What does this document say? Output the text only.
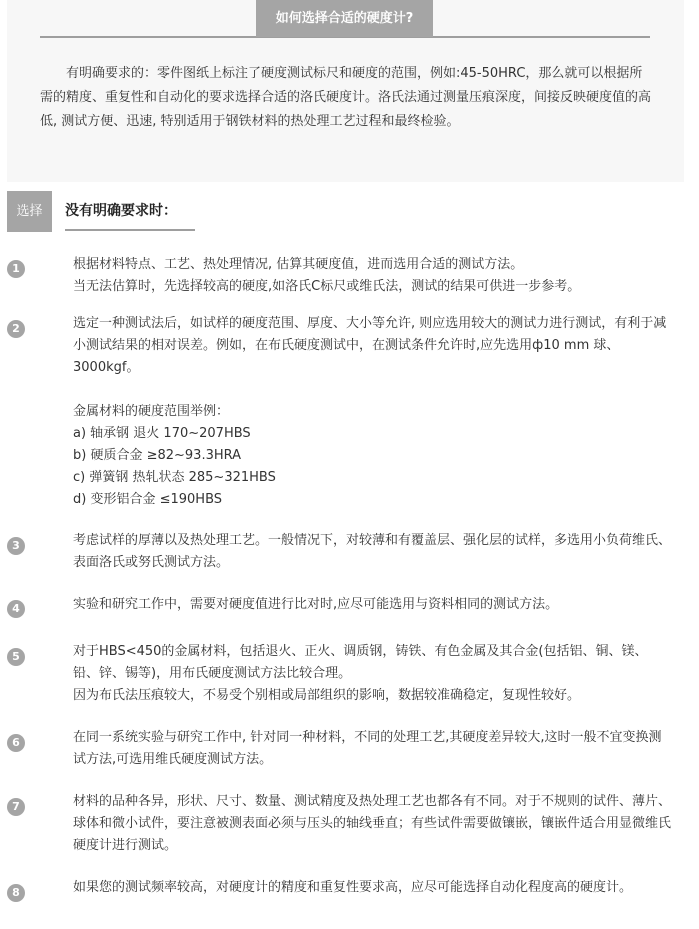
如何选择合适的硬度计?

有明确要求的：零件图纸上标注了硬度测试标尺和硬度的范围，例如:45-50HRC，那么就可以根据所需的精度、重复性和自动化的要求选择合适的洛氏硬度计。洛氏法通过测量压痕深度，间接反映硬度值的高低, 测试方便、迅速, 特别适用于钢铁材料的热处理工艺过程和最终检验。

选择	没有明确要求时：
1	根据材料特点、工艺、热处理情况, 估算其硬度值，进而选用合适的测试方法。

当无法估算时，先选择较高的硬度,如洛氏C标尺或维氏法，测试的结果可供进一步参考。

2	选定一种测试法后，如试样的硬度范围、厚度、大小等允许, 则应选用较大的测试力进行测试，有利于减小测试结果的相对误差。例如，在布氏硬度测试中，在测试条件允许时,应先选用ф10 mm 球、3000kgf。

金属材料的硬度范围举例：

a) 轴承钢 退火 170~207HBS

b) 硬质合金 ≥82~93.3HRA

c) 弹簧钢 热轧状态 285~321HBS

d) 变形铝合金 ≤190HBS

3	考虑试样的厚薄以及热处理工艺。一般情况下，对较薄和有覆盖层、强化层的试样，多选用小负荷维氏、表面洛氏或努氏测试方法。

4	实验和研究工作中，需要对硬度值进行比对时,应尽可能选用与资料相同的测试方法。

5	对于HBS<450的金属材料，包括退火、正火、调质钢，铸铁、有色金属及其合金(包括铝、铜、镁、铅、锌、锡等)，用布氏硬度测试方法比较合理。

因为布氏法压痕较大，不易受个别相或局部组织的影响，数据较准确稳定，复现性较好。

6	在同一系统实验与研究工作中, 针对同一种材料，不同的处理工艺,其硬度差异较大,这时一般不宜变换测试方法,可选用维氏硬度测试方法。

7	材料的品种各异，形状、尺寸、数量、测试精度及热处理工艺也都各有不同。对于不规则的试件、薄片、球体和微小试件，要注意被测表面必须与压头的轴线垂直；有些试件需要做镶嵌，镶嵌件适合用显微维氏硬度计进行测试。

8	如果您的测试频率较高，对硬度计的精度和重复性要求高，应尽可能选择自动化程度高的硬度计。
